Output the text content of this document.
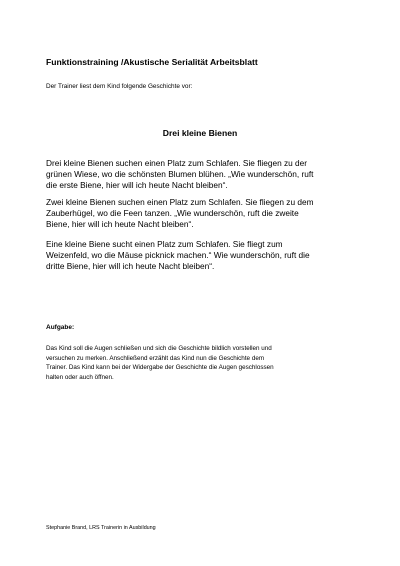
Funktionstraining /Akustische Serialität Arbeitsblatt
Der Trainer liest dem Kind folgende Geschichte vor:
Drei kleine Bienen
Drei kleine Bienen suchen einen Platz zum Schlafen. Sie fliegen zu der
grünen Wiese, wo die schönsten Blumen blühen. „Wie wunderschön, ruft
die erste Biene, hier will ich heute Nacht bleiben“.
Zwei kleine Bienen suchen einen Platz zum Schlafen. Sie fliegen zu dem
Zauberhügel, wo die Feen tanzen. „Wie wunderschön, ruft die zweite
Biene, hier will ich heute Nacht bleiben“.
Eine kleine Biene sucht einen Platz zum Schlafen. Sie fliegt zum
Weizenfeld, wo die Mäuse picknick machen.“ Wie wunderschön, ruft die
dritte Biene, hier will ich heute Nacht bleiben“.
Aufgabe:
Das Kind soll die Augen schließen und sich die Geschichte bildlich vorstellen und
versuchen zu merken. Anschließend erzählt das Kind nun die Geschichte dem
Trainer. Das Kind kann bei der Widergabe der Geschichte die Augen geschlossen
halten oder auch öffnen.
Stephanie Brand, LRS Trainerin in Ausbildung
